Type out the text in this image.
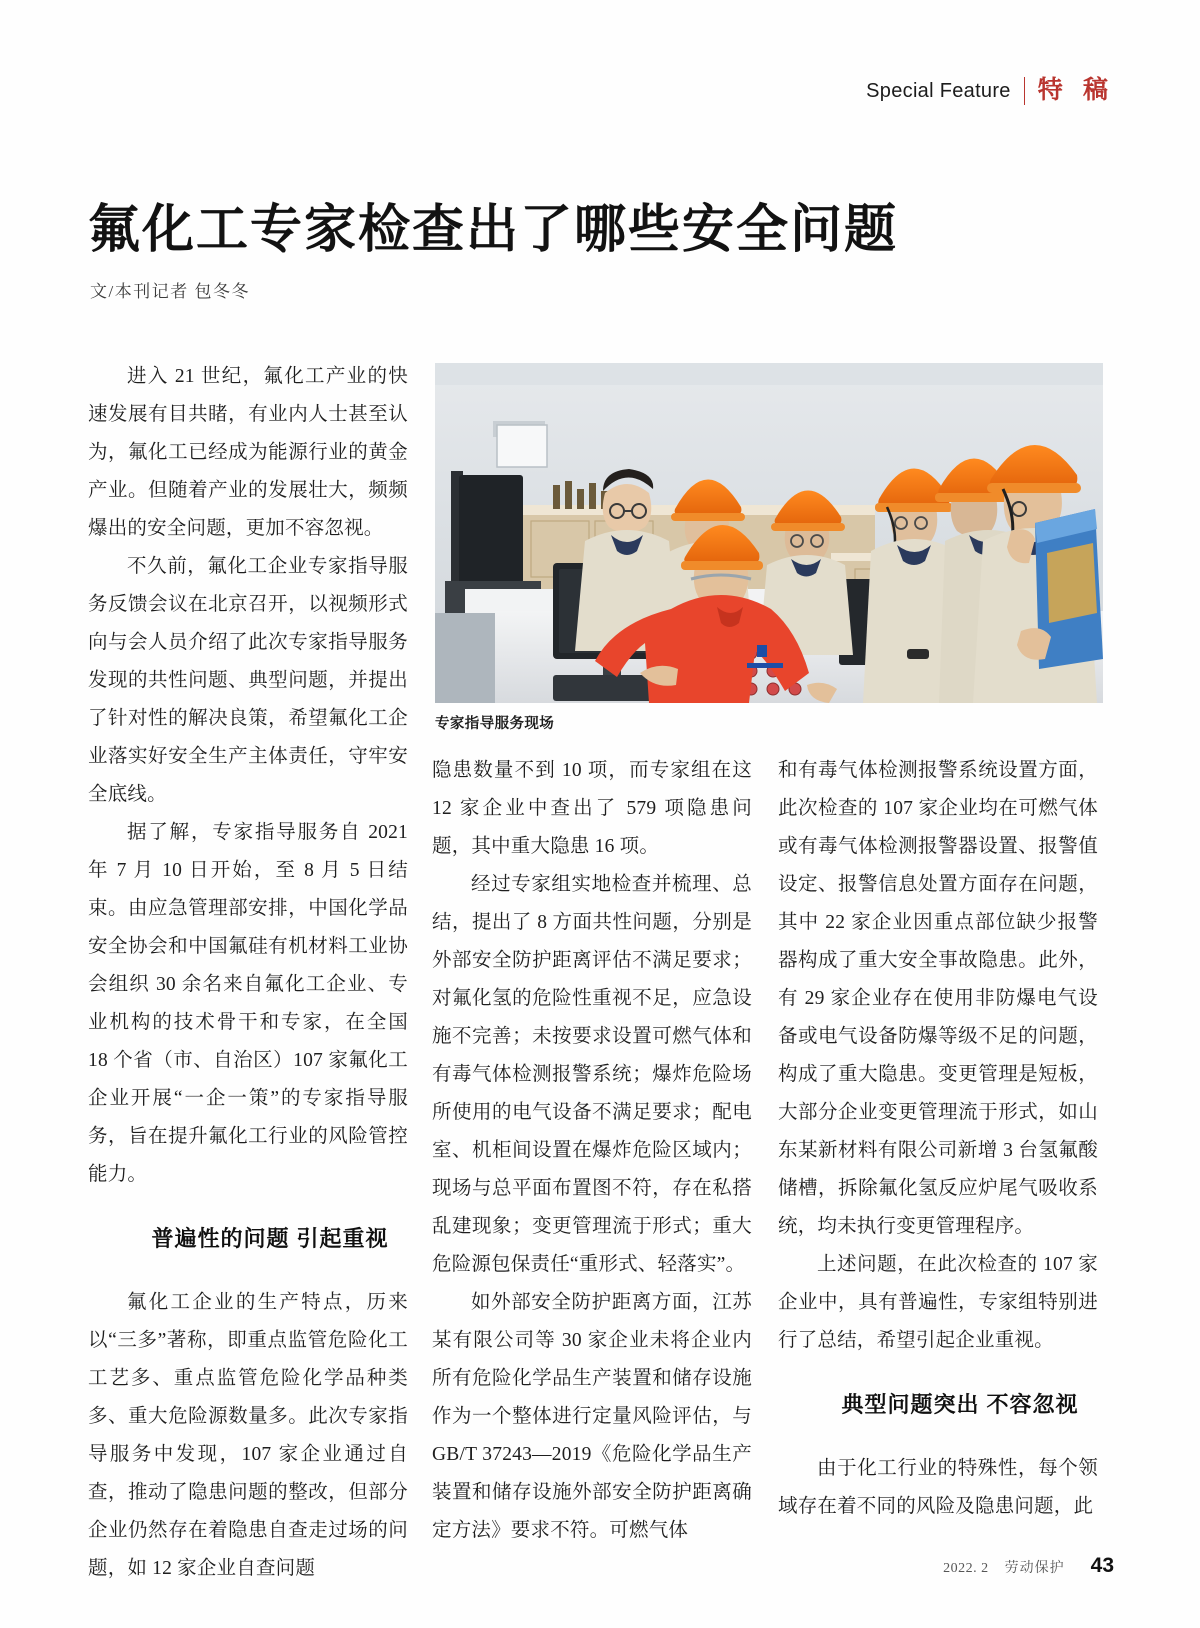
Special Feature 特 稿
氟化工专家检查出了哪些安全问题
文/本刊记者 包冬冬
专家指导服务现场

进入 21 世纪，氟化工产业的快速发展有目共睹，有业内人士甚至认为，氟化工已经成为能源行业的黄金产业。但随着产业的发展壮大，频频爆出的安全问题，更加不容忽视。

不久前，氟化工企业专家指导服务反馈会议在北京召开，以视频形式向与会人员介绍了此次专家指导服务发现的共性问题、典型问题，并提出了针对性的解决良策，希望氟化工企业落实好安全生产主体责任，守牢安全底线。

据了解，专家指导服务自 2021 年 7 月 10 日开始，至 8 月 5 日结束。由应急管理部安排，中国化学品安全协会和中国氟硅有机材料工业协会组织 30 余名来自氟化工企业、专业机构的技术骨干和专家，在全国 18 个省（市、自治区）107 家氟化工企业开展“一企一策”的专家指导服务，旨在提升氟化工行业的风险管控能力。

普遍性的问题 引起重视

氟化工企业的生产特点，历来以“三多”著称，即重点监管危险化工工艺多、重点监管危险化学品种类多、重大危险源数量多。此次专家指导服务中发现，107 家企业通过自查，推动了隐患问题的整改，但部分企业仍然存在着隐患自查走过场的问题，如 12 家企业自查问题

隐患数量不到 10 项，而专家组在这 12 家企业中查出了 579 项隐患问题，其中重大隐患 16 项。

经过专家组实地检查并梳理、总结，提出了 8 方面共性问题，分别是外部安全防护距离评估不满足要求；对氟化氢的危险性重视不足，应急设施不完善；未按要求设置可燃气体和有毒气体检测报警系统；爆炸危险场所使用的电气设备不满足要求；配电室、机柜间设置在爆炸危险区域内；现场与总平面布置图不符，存在私搭乱建现象；变更管理流于形式；重大危险源包保责任“重形式、轻落实”。

如外部安全防护距离方面，江苏某有限公司等 30 家企业未将企业内所有危险化学品生产装置和储存设施作为一个整体进行定量风险评估，与 GB/T 37243—2019《危险化学品生产装置和储存设施外部安全防护距离确定方法》要求不符。可燃气体

和有毒气体检测报警系统设置方面，此次检查的 107 家企业均在可燃气体或有毒气体检测报警器设置、报警值设定、报警信息处置方面存在问题，其中 22 家企业因重点部位缺少报警器构成了重大安全事故隐患。此外，有 29 家企业存在使用非防爆电气设备或电气设备防爆等级不足的问题，构成了重大隐患。变更管理是短板，大部分企业变更管理流于形式，如山东某新材料有限公司新增 3 台氢氟酸储槽，拆除氟化氢反应炉尾气吸收系统，均未执行变更管理程序。

上述问题，在此次检查的 107 家企业中，具有普遍性，专家组特别进行了总结，希望引起企业重视。

典型问题突出 不容忽视

由于化工行业的特殊性，每个领域存在着不同的风险及隐患问题，此

2022. 2 劳动保护 43
